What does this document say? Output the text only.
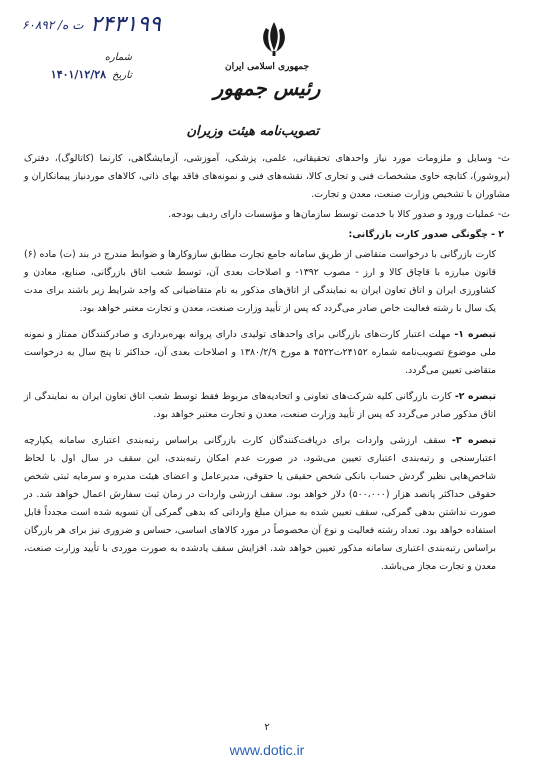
۶۰۸۹۲ /ت ه ۲۴۳۱۹۹
شماره
تاریخ
۱۴۰۱/۱۲/۲۸
جمهوری اسلامی ایران
رئیس جمهور
تصویب‌نامه هیئت وزیران

ث- وسایل و ملزومات مورد نیاز واحدهای تحقیقاتی، علمی، پزشکی، آموزشی، آزمایشگاهی، کارنما (کاتالوگ)، دفترک (بروشور)، کتابچه حاوی مشخصات فنی و تجاری کالا، نقشه‌های فنی و نمونه‌های فاقد بهای ذاتی، کالاهای موردنیاز پیمانکاران و مشاوران با تشخیص وزارت صنعت، معدن و تجارت.

ث- عملیات ورود و صدور کالا با خدمت توسط سازمان‌ها و مؤسسات دارای ردیف بودجه.

۲ - چگونگی صدور کارت بازرگانی:

کارت بازرگانی با درخواست متقاضی از طریق سامانه جامع تجارت مطابق سازوکارها و ضوابط مندرج در بند (ت) ماده (۶) قانون مبارزه با قاچاق کالا و ارز - مصوب ۱۳۹۲- و اصلاحات بعدی آن، توسط شعب اتاق بازرگانی، صنایع، معادن و کشاورزی ایران و اتاق تعاون ایران به نمایندگی از اتاق‌های مذکور به نام متقاضیانی که واجد شرایط زیر باشند برای مدت یک سال با رشته فعالیت خاص صادر می‌گردد که پس از تأیید وزارت صنعت، معدن و تجارت معتبر خواهد بود.

تبصره ۱- مهلت اعتبار کارت‌های بازرگانی برای واحدهای تولیدی دارای پروانه بهره‌برداری و صادرکنندگان ممتاز و نمونه ملی موضوع تصویب‌نامه شماره ۲۴۱۵۲ت۴۵۲۲ ه‍ مورخ ۱۳۸۰/۲/۹ و اصلاحات بعدی آن، حداکثر تا پنج سال به درخواست متقاضی تعیین می‌گردد.

تبصره ۲- کارت بازرگانی کلیه شرکت‌های تعاونی و اتحادیه‌های مربوط فقط توسط شعب اتاق تعاون ایران به نمایندگی از اتاق مذکور صادر می‌گردد که پس از تأیید وزارت صنعت، معدن و تجارت معتبر خواهد بود.

تبصره ۳- سقف ارزشی واردات برای دریافت‌کنندگان کارت بازرگانی براساس رتبه‌بندی اعتباری سامانه یکپارچه اعتبارسنجی و رتبه‌بندی اعتباری تعیین می‌شود. در صورت عدم امکان رتبه‌بندی، این سقف در سال اول با لحاظ شاخص‌هایی نظیر گردش حساب بانکی شخص حقیقی یا حقوقی، مدیرعامل و اعضای هیئت مدیره و سرمایه ثبتی شخص حقوقی حداکثر پانصد هزار (۵۰۰،۰۰۰) دلار خواهد بود. سقف ارزشی واردات در زمان ثبت سفارش اعمال خواهد شد. در صورت نداشتن بدهی گمرکی، سقف تعیین شده به میزان مبلغ وارداتی که بدهی گمرکی آن تسویه شده است مجدداً قابل استفاده خواهد بود. تعداد رشته فعالیت و نوع آن مخصوصاً در مورد کالاهای اساسی، حساس و ضروری نیز برای هر بازرگان براساس رتبه‌بندی اعتباری سامانه مذکور تعیین خواهد شد. افزایش سقف یادشده به صورت موردی با تأیید وزارت صنعت، معدن و تجارت مجاز می‌باشد.

۲
www.dotic.ir
